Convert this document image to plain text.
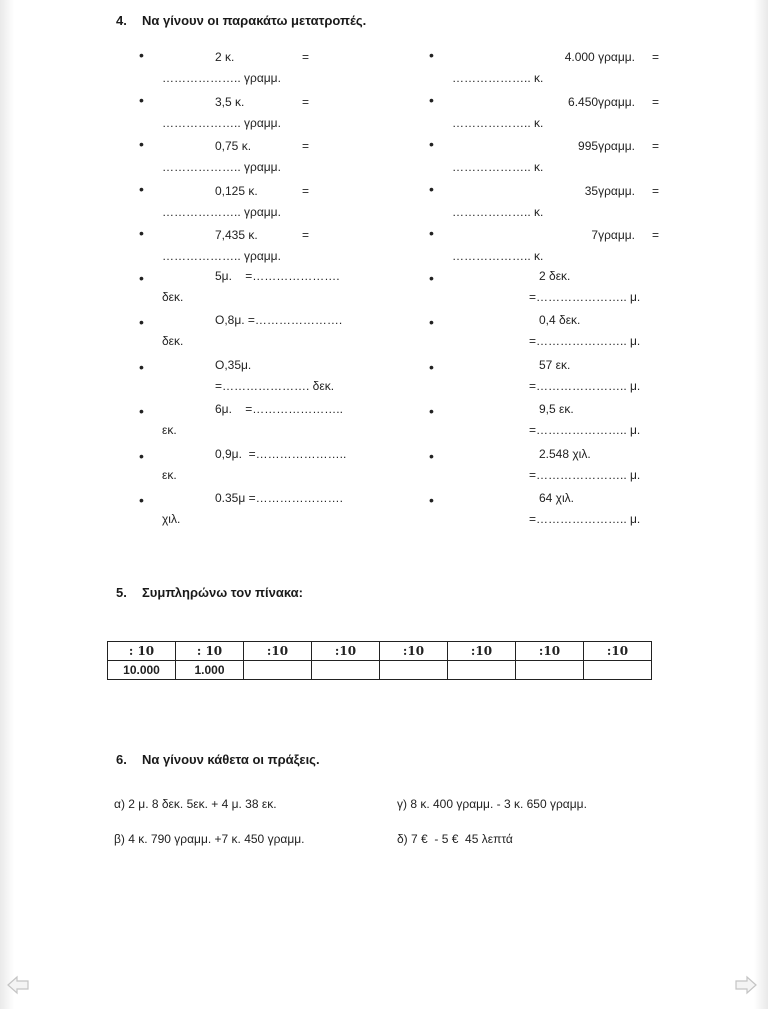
4. Να γίνουν οι παρακάτω μετατροπές.
•	2 κ.	=
……………….. γραμμ.
•	3,5 κ.	=
……………….. γραμμ.
•	0,75 κ.	=
……………….. γραμμ.
•	0,125 κ.	=
……………….. γραμμ.
•	7,435 κ.	=
……………….. γραμμ.
•	5μ.    =………………….
δεκ.
•	Ο,8μ. =………………….
δεκ.
•	Ο,35μ.
=…………………. δεκ.
•	6μ.    =…………………..
εκ.
•	0,9μ.  =…………………..
εκ.
•	0.35μ =………………….
χιλ.
•	4.000 γραμμ. =
……………….. κ.
•	6.450γραμμ. =
……………….. κ.
•	995γραμμ. =
……………….. κ.
•	35γραμμ. =
……………….. κ.
•	7γραμμ. =
……………….. κ.
•	2 δεκ.
=………………….. μ.
•	0,4 δεκ.
=………………….. μ.
•	57 εκ.
=………………….. μ.
•	9,5 εκ.
=………………….. μ.
•	2.548 χιλ.
=………………….. μ.
•	64 χιλ.
=………………….. μ.
5. Συμπληρώνω τον πίνακα:
: 10	: 10	:10	:10	:10	:10	:10	:10
10.000	1.000						
6. Να γίνουν κάθετα οι πράξεις.
α) 2 μ. 8 δεκ. 5εκ. + 4 μ. 38 εκ.
β) 4 κ. 790 γραμμ. +7 κ. 450 γραμμ.
γ) 8 κ. 400 γραμμ. - 3 κ. 650 γραμμ.
δ) 7 €  - 5 €  45 λεπτά
